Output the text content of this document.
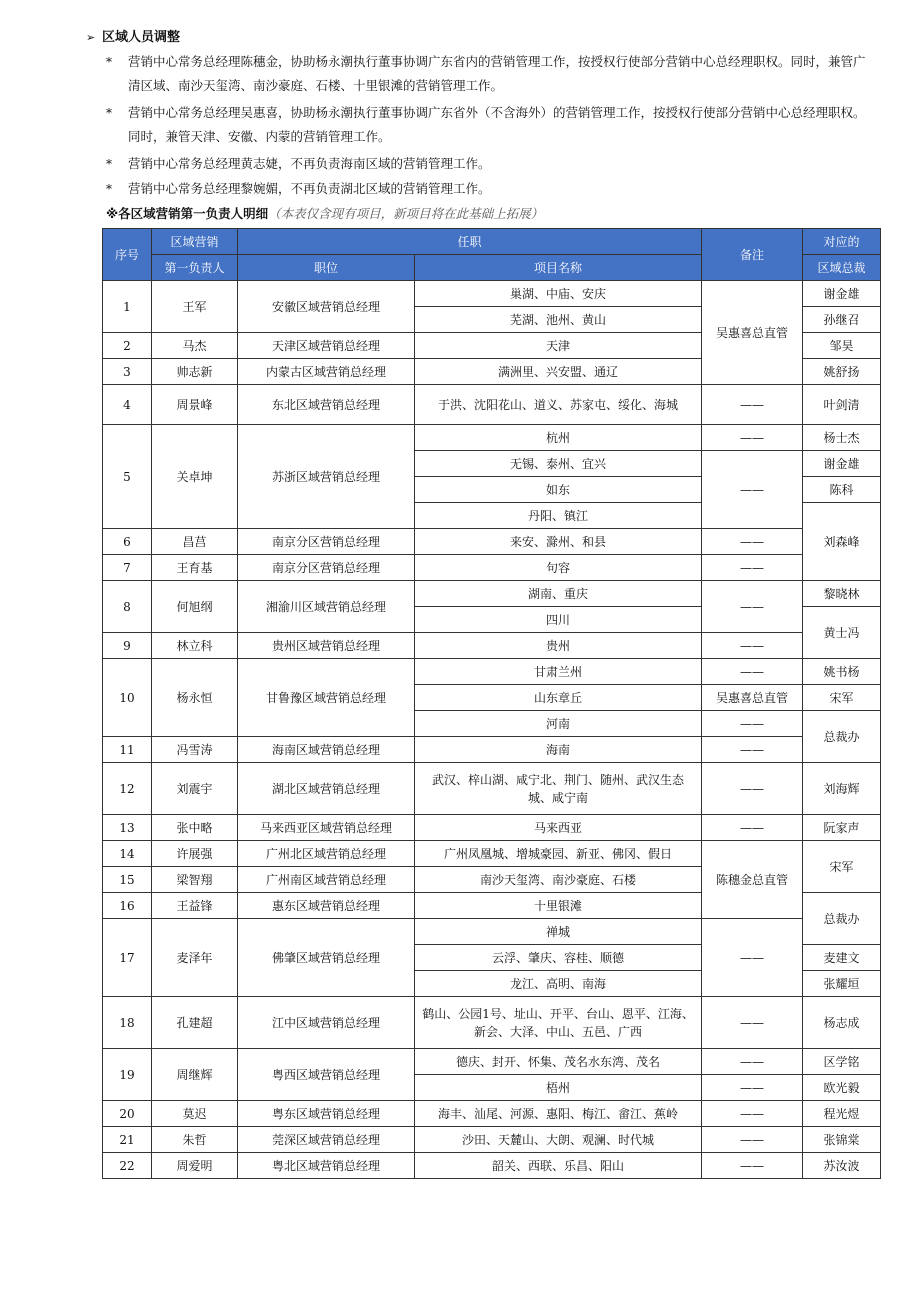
➢ 区域人员调整
*	营销中心常务总经理陈穗金，协助杨永潮执行董事协调广东省内的营销管理工作，按授权行使部分营销中心总经理职权。同时，兼管广清区域、南沙天玺湾、南沙豪庭、石楼、十里银滩的营销管理工作。
*	营销中心常务总经理吴惠喜，协助杨永潮执行董事协调广东省外（不含海外）的营销管理工作，按授权行使部分营销中心总经理职权。同时，兼管天津、安徽、内蒙的营销管理工作。
*	营销中心常务总经理黄志婕，不再负责海南区域的营销管理工作。
*	营销中心常务总经理黎婉媚，不再负责湖北区域的营销管理工作。
※各区域营销第一负责人明细（本表仅含现有项目，新项目将在此基础上拓展）
序号	区域营销	任职		备注	对应的
	第一负责人	职位	项目名称		区域总裁
1	王军	安徽区域营销总经理	巢湖、中庙、安庆	吴惠喜总直管	谢金雄
			芜湖、池州、黄山		孙继召
2	马杰	天津区域营销总经理	天津		邹昊
3	帅志新	内蒙古区域营销总经理	满洲里、兴安盟、通辽		姚舒扬
4	周景峰	东北区域营销总经理	于洪、沈阳花山、道义、苏家屯、绥化、海城	——	叶剑清
5	关卓坤	苏浙区域营销总经理	杭州	——	杨士杰
			无锡、泰州、宜兴	——	谢金雄
			如东		陈科
			丹阳、镇江		刘森峰
6	昌莒	南京分区营销总经理	来安、滁州、和县	——	
7	王育基	南京分区营销总经理	句容	——	
8	何旭纲	湘渝川区域营销总经理	湖南、重庆	——	黎晓林
			四川		黄士冯
9	林立科	贵州区域营销总经理	贵州	——	
10	杨永恒	甘鲁豫区域营销总经理	甘肃兰州	——	姚书杨
			山东章丘	吴惠喜总直管	宋军
			河南	——	总裁办
11	冯雪涛	海南区域营销总经理	海南	——	
12	刘震宇	湖北区域营销总经理	武汉、梓山湖、咸宁北、荆门、随州、武汉生态城、咸宁南	——	刘海辉
13	张中略	马来西亚区域营销总经理	马来西亚	——	阮家声
14	许展强	广州北区域营销总经理	广州凤凰城、增城豪园、新亚、佛冈、假日	陈穗金总直管	宋军
15	梁智翔	广州南区域营销总经理	南沙天玺湾、南沙豪庭、石楼		
16	王益锋	惠东区域营销总经理	十里银滩		总裁办
17	麦泽年	佛肇区域营销总经理	禅城	——	
			云浮、肇庆、容桂、顺德		麦建文
			龙江、高明、南海		张耀垣
18	孔建超	江中区域营销总经理	鹤山、公园1号、址山、开平、台山、恩平、江海、新会、大泽、中山、五邑、广西	——	杨志成
19	周继辉	粤西区域营销总经理	德庆、封开、怀集、茂名水东湾、茂名	——	区学铭
			梧州	——	欧光毅
20	莫迟	粤东区域营销总经理	海丰、汕尾、河源、惠阳、梅江、畲江、蕉岭	——	程光煜
21	朱哲	莞深区域营销总经理	沙田、天麓山、大朗、观澜、时代城	——	张锦棠
22	周爱明	粤北区域营销总经理	韶关、西联、乐昌、阳山	——	苏汝波
